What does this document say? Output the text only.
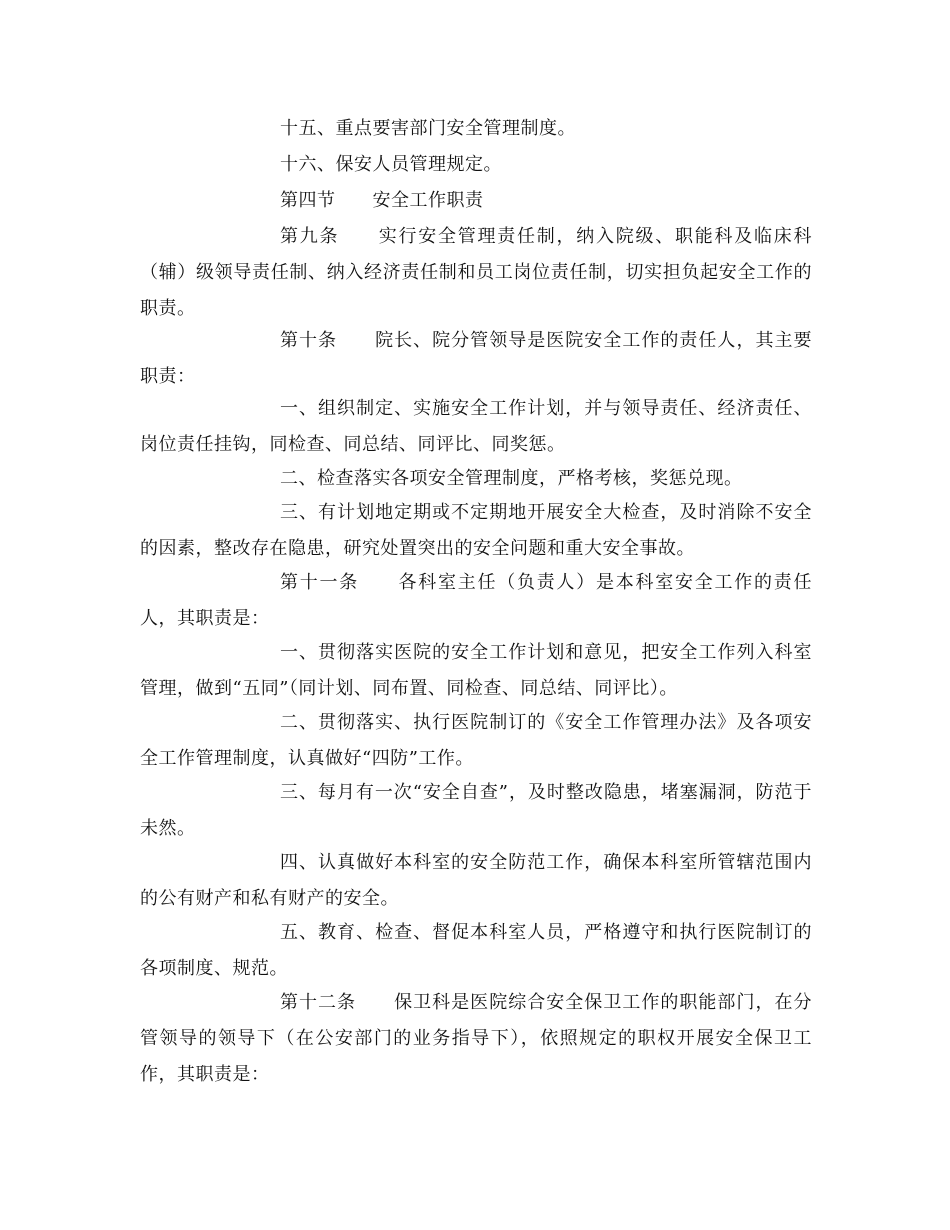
十五、重点要害部门安全管理制度。

十六、保安人员管理规定。

第四节　　安全工作职责

第九条　　实行安全管理责任制，纳入院级、职能科及临床科（辅）级领导责任制、纳入经济责任制和员工岗位责任制，切实担负起安全工作的职责。

第十条　　院长、院分管领导是医院安全工作的责任人，其主要职责：

一、组织制定、实施安全工作计划，并与领导责任、经济责任、岗位责任挂钩，同检查、同总结、同评比、同奖惩。

二、检查落实各项安全管理制度，严格考核，奖惩兑现。

三、有计划地定期或不定期地开展安全大检查，及时消除不安全的因素，整改存在隐患，研究处置突出的安全问题和重大安全事故。

第十一条　　各科室主任（负责人）是本科室安全工作的责任人，其职责是：

一、贯彻落实医院的安全工作计划和意见，把安全工作列入科室管理，做到“五同”（同计划、同布置、同检查、同总结、同评比）。

二、贯彻落实、执行医院制订的《安全工作管理办法》及各项安全工作管理制度，认真做好“四防”工作。

三、每月有一次“安全自查”，及时整改隐患，堵塞漏洞，防范于未然。

四、认真做好本科室的安全防范工作，确保本科室所管辖范围内的公有财产和私有财产的安全。

五、教育、检查、督促本科室人员，严格遵守和执行医院制订的各项制度、规范。

第十二条　　保卫科是医院综合安全保卫工作的职能部门，在分管领导的领导下（在公安部门的业务指导下），依照规定的职权开展安全保卫工作，其职责是：
